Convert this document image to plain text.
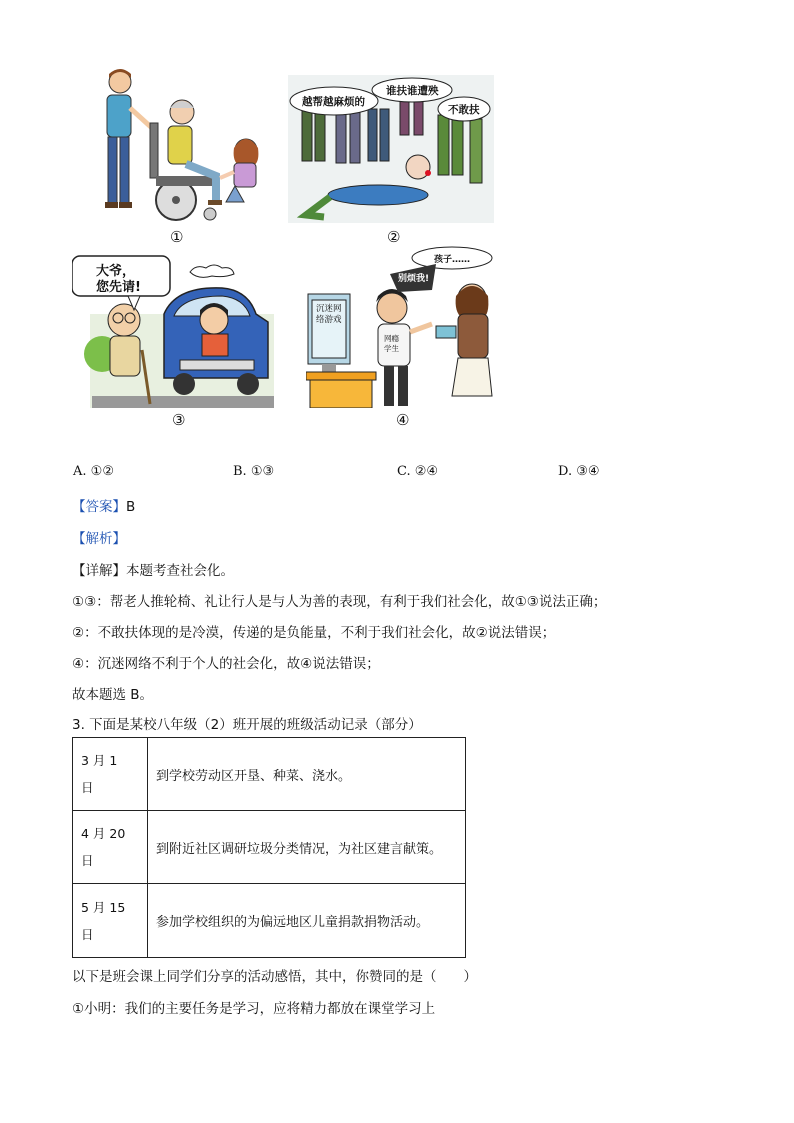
①
越帮越麻烦的
谁扶谁遭殃
不敢扶
②
大爷，
您先请!
③
孩子……
别烦我!
沉迷网络游戏
网瘾学生
④
A. ①②	B. ①③	C. ②④	D. ③④
【答案】B
【解析】
【详解】本题考查社会化。
①③：帮老人推轮椅、礼让行人是与人为善的表现，有利于我们社会化，故①③说法正确；
②：不敢扶体现的是冷漠，传递的是负能量，不利于我们社会化，故②说法错误；
④：沉迷网络不利于个人的社会化，故④说法错误；
故本题选 B。
3. 下面是某校八年级（2）班开展的班级活动记录（部分）
3 月 1
日	到学校劳动区开垦、种菜、浇水。
4 月 20
日	到附近社区调研垃圾分类情况，为社区建言献策。
5 月 15
日	参加学校组织的为偏远地区儿童捐款捐物活动。
以下是班会课上同学们分享的活动感悟，其中，你赞同的是（　　）
①小明：我们的主要任务是学习，应将精力都放在课堂学习上
